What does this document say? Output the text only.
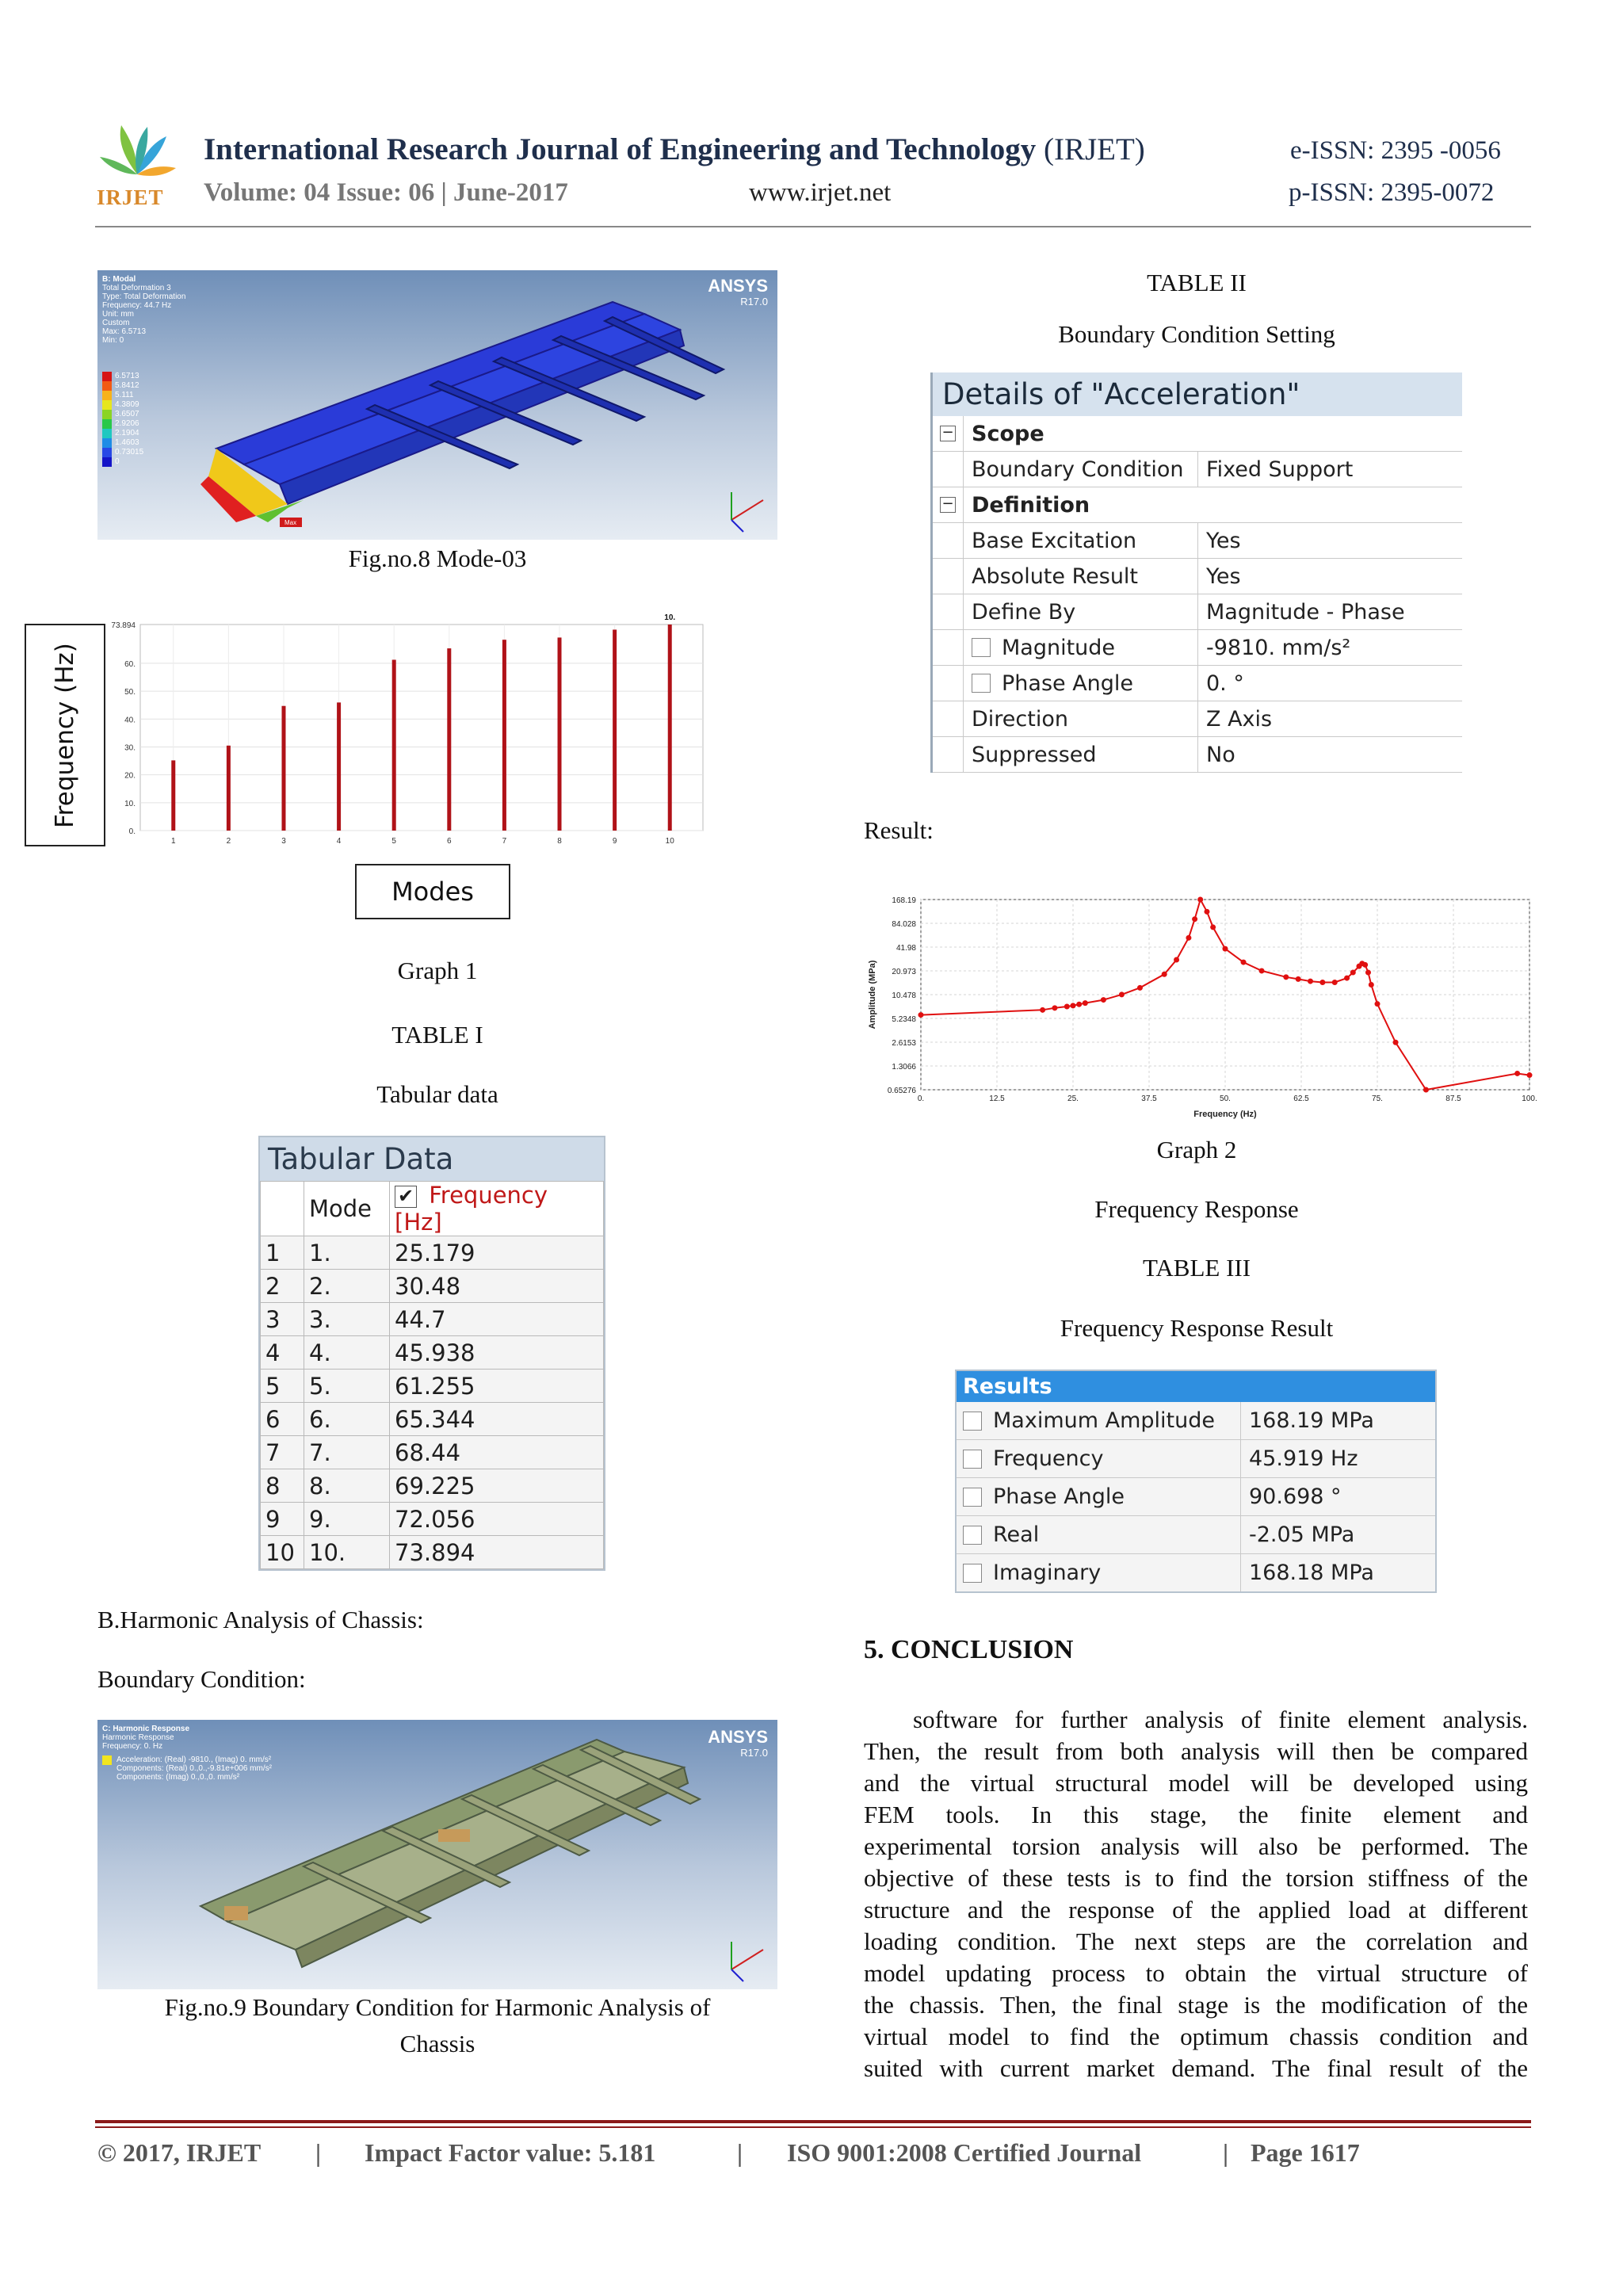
IRJET
International Research Journal of Engineering and Technology (IRJET)	e-ISSN: 2395 -0056
Volume: 04 Issue: 06 | June-2017	www.irjet.net	p-ISSN: 2395-0072
B: Modal
Total Deformation 3
Type: Total Deformation
Frequency: 44.7 Hz
Unit: mm
Custom
Max: 6.5713
Min: 0
6.5713
5.8412
5.111
4.3809
3.6507
2.9206
2.1904
1.4603
0.73015
0
ANSYS
R17.0
Max
Fig.no.8 Mode-03
Frequency (Hz)
0.
10.
20.
30.
40.
50.
60.
73.894
1	2	3	4	5	6	7	8	9	10
10.
Modes
Graph 1
TABLE I
Tabular data
Tabular Data
	Mode	✔ Frequency [Hz]
1	1.	25.179
2	2.	30.48
3	3.	44.7
4	4.	45.938
5	5.	61.255
6	6.	65.344
7	7.	68.44
8	8.	69.225
9	9.	72.056
10	10.	73.894
B.Harmonic Analysis of Chassis:
Boundary Condition:
C: Harmonic Response
Harmonic Response
Frequency: 0. Hz
Acceleration: (Real) -9810., (Imag) 0. mm/s²
Components: (Real) 0.,0.,-9.81e+006 mm/s²
Components: (Imag) 0.,0.,0. mm/s²
ANSYS
R17.0
Fig.no.9 Boundary Condition for Harmonic Analysis of
Chassis
TABLE II
Boundary Condition Setting
Details of "Acceleration"
− Scope
Boundary Condition	Fixed Support
− Definition
Base Excitation	Yes
Absolute Result	Yes
Define By	Magnitude - Phase
Magnitude	-9810. mm/s²
Phase Angle	0. °
Direction	Z Axis
Suppressed	No
Result:
168.19
84.028
41.98
20.973
10.478
5.2348
2.6153
1.3066
0.65276
0.	12.5	25.	37.5	50.	62.5	75.	87.5	100.
Frequency (Hz)
Amplitude (MPa)
Graph 2
Frequency Response
TABLE III
Frequency Response Result
Results
Maximum Amplitude	168.19 MPa
Frequency	45.919 Hz
Phase Angle	90.698 °
Real	-2.05 MPa
Imaginary	168.18 MPa
5. CONCLUSION
software for further analysis of finite element analysis.
Then, the result from both analysis will then be compared
and the virtual structural model will be developed using
FEM tools. In this stage, the finite element and
experimental torsion analysis will also be performed. The
objective of these tests is to find the torsion stiffness of the
structure and the response of the applied load at different
loading condition. The next steps are the correlation and
model updating process to obtain the virtual structure of
the chassis. Then, the final stage is the modification of the
virtual model to find the optimum chassis condition and
suited with current market demand. The final result of the
© 2017, IRJET | Impact Factor value: 5.181	| ISO 9001:2008 Certified Journal	| Page 1617
